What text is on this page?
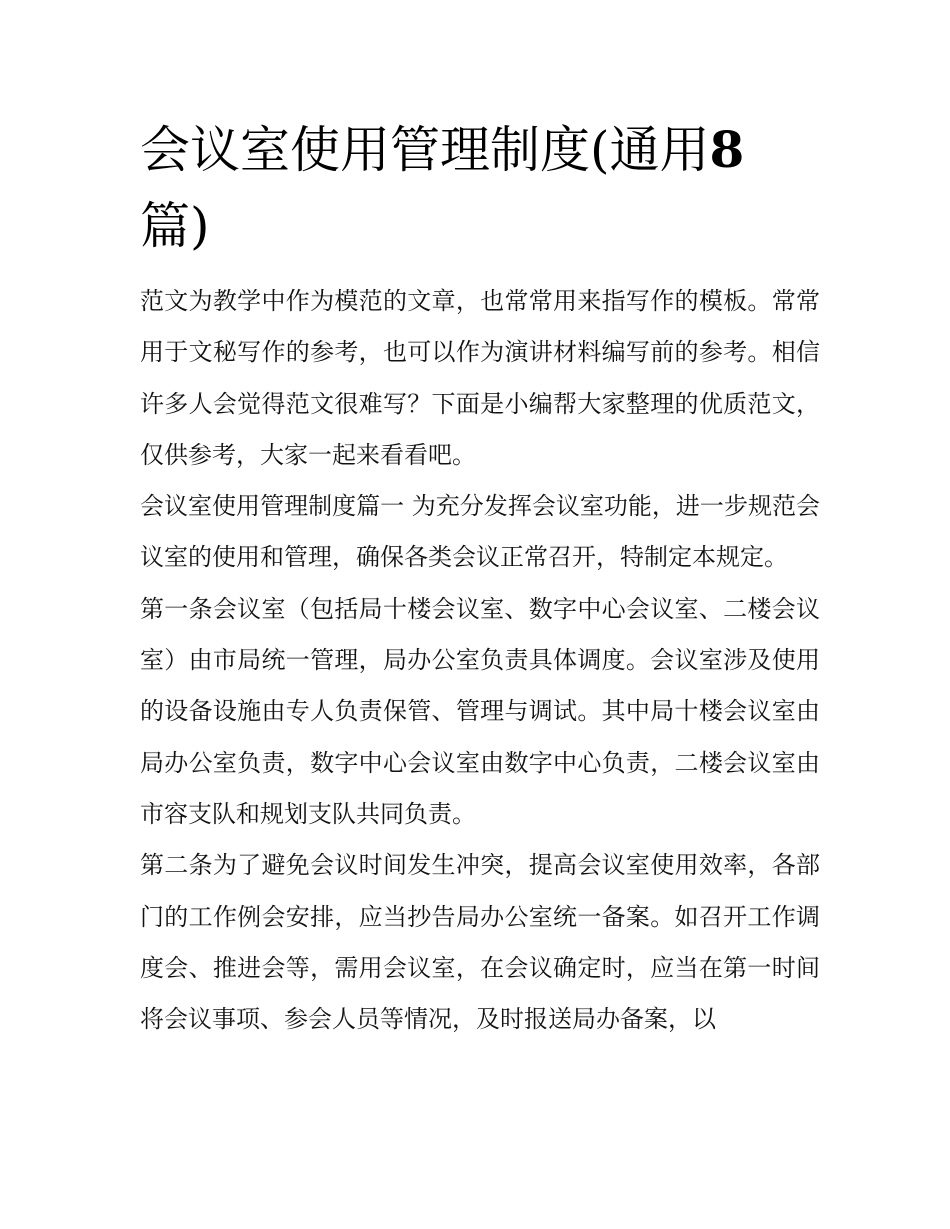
会议室使用管理制度(通用8
篇)

范文为教学中作为模范的文章，也常常用来指写作的模板。常常用于文秘写作的参考，也可以作为演讲材料编写前的参考。相信许多人会觉得范文很难写？下面是小编帮大家整理的优质范文，仅供参考，大家一起来看看吧。

会议室使用管理制度篇一 为充分发挥会议室功能，进一步规范会议室的使用和管理，确保各类会议正常召开，特制定本规定。

第一条会议室（包括局十楼会议室、数字中心会议室、二楼会议室）由市局统一管理，局办公室负责具体调度。会议室涉及使用的设备设施由专人负责保管、管理与调试。其中局十楼会议室由局办公室负责，数字中心会议室由数字中心负责，二楼会议室由市容支队和规划支队共同负责。

第二条为了避免会议时间发生冲突，提高会议室使用效率，各部门的工作例会安排，应当抄告局办公室统一备案。如召开工作调度会、推进会等，需用会议室，在会议确定时，应当在第一时间将会议事项、参会人员等情况，及时报送局办备案，以
